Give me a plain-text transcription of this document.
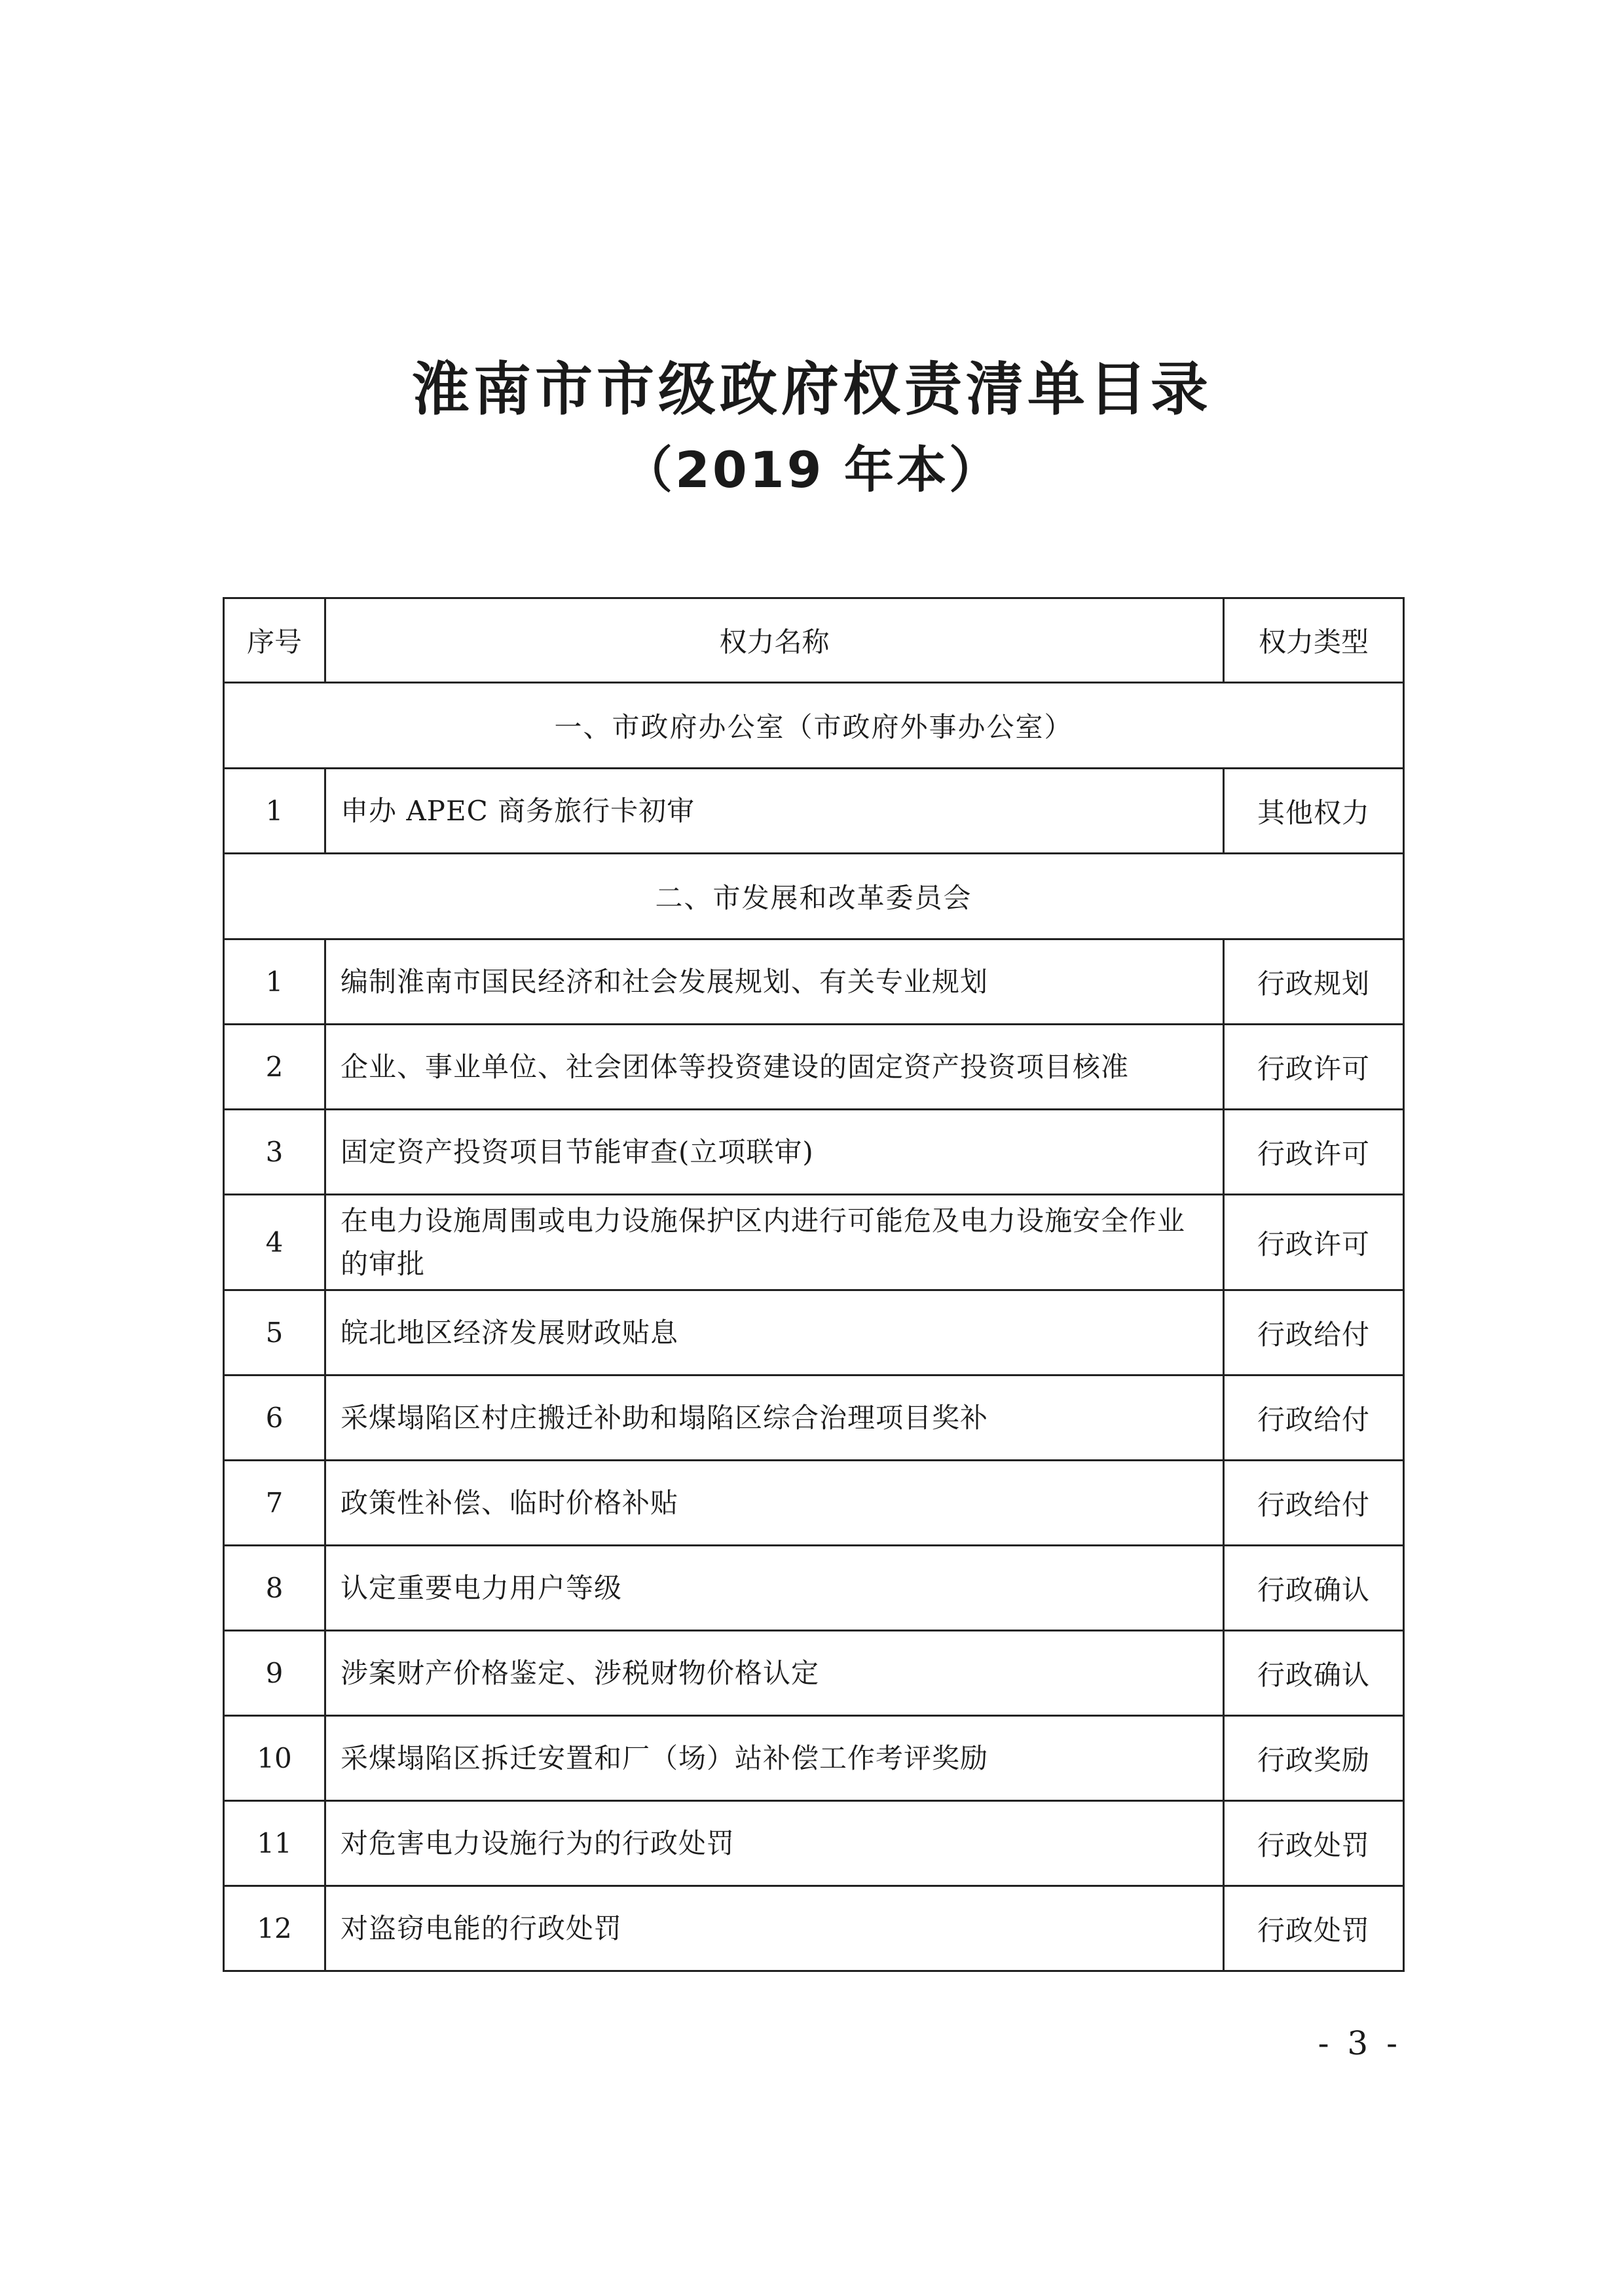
淮南市市级政府权责清单目录
（2019 年本）
序号	权力名称	权力类型
一、市政府办公室（市政府外事办公室）		
1	申办 APEC 商务旅行卡初审	其他权力
二、市发展和改革委员会		
1	编制淮南市国民经济和社会发展规划、有关专业规划	行政规划
2	企业、事业单位、社会团体等投资建设的固定资产投资项目核准	行政许可
3	固定资产投资项目节能审查(立项联审)	行政许可
4	在电力设施周围或电力设施保护区内进行可能危及电力设施安全作业的审批	行政许可
5	皖北地区经济发展财政贴息	行政给付
6	采煤塌陷区村庄搬迁补助和塌陷区综合治理项目奖补	行政给付
7	政策性补偿、临时价格补贴	行政给付
8	认定重要电力用户等级	行政确认
9	涉案财产价格鉴定、涉税财物价格认定	行政确认
10	采煤塌陷区拆迁安置和厂（场）站补偿工作考评奖励	行政奖励
11	对危害电力设施行为的行政处罚	行政处罚
12	对盗窃电能的行政处罚	行政处罚
- 3 -
